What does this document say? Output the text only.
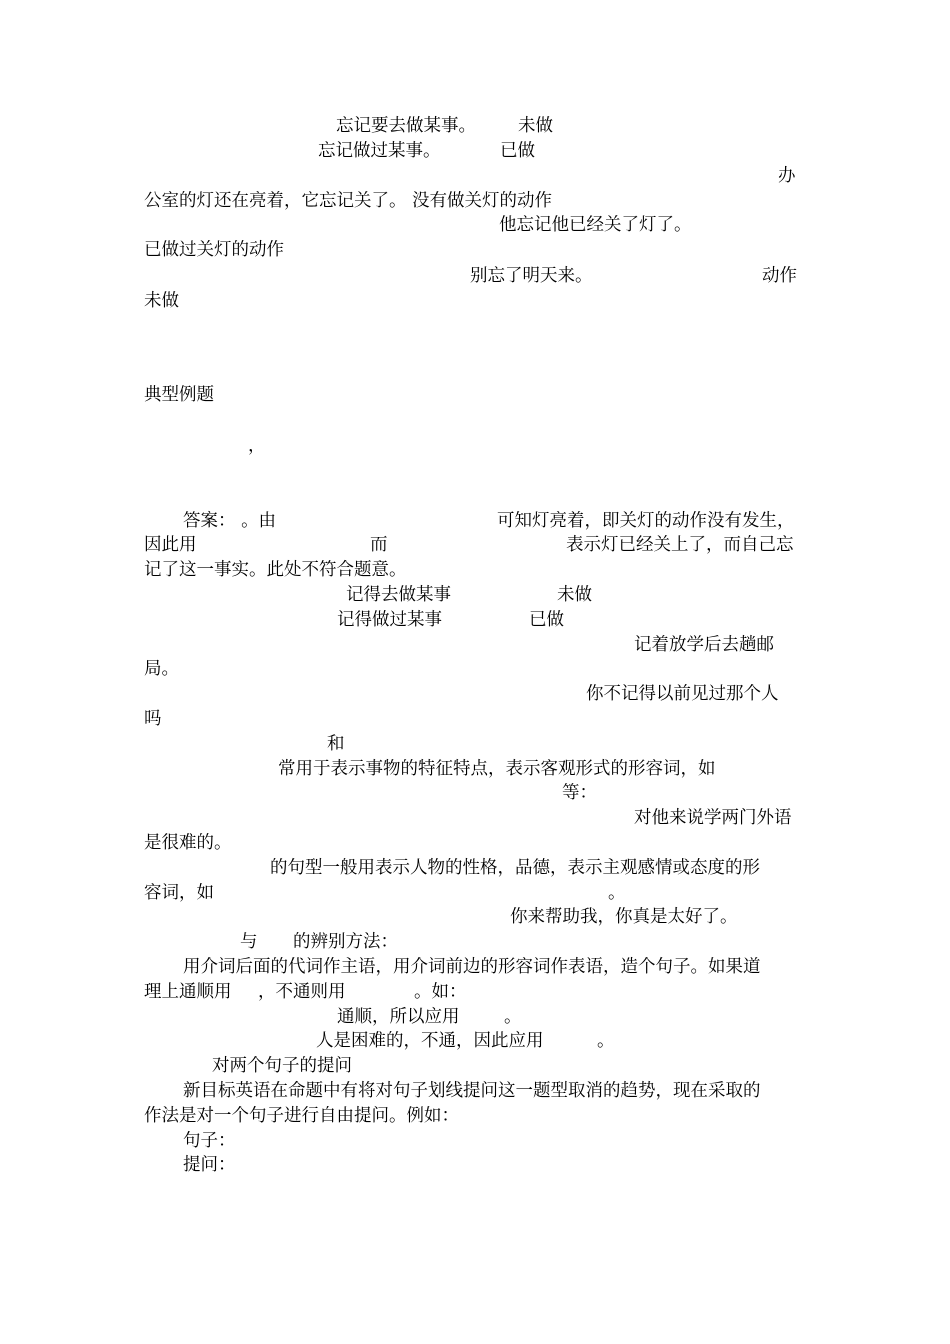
忘记要去做某事。 未做
忘记做过某事。	已做
办
公室的灯还在亮着，它忘记关了。 没有做关灯的动作
他忘记他已经关了灯了。
已做过关灯的动作
别忘了明天来。	动作
未做
典型例题
，
答案： 。由	可知灯亮着，即关灯的动作没有发生，
因此用	而	表示灯已经关上了，而自己忘
记了这一事实。此处不符合题意。
记得去做某事	未做
记得做过某事	已做
记着放学后去趟邮
局。
你不记得以前见过那个人
吗
和
常用于表示事物的特征特点，表示客观形式的形容词，如
等：
对他来说学两门外语
是很难的。
的句型一般用表示人物的性格，品德，表示主观感情或态度的形
容词，如	。
你来帮助我，你真是太好了。
与 的辨别方法：
用介词后面的代词作主语，用介词前边的形容词作表语，造个句子。如果道
理上通顺用 ，不通则用	。如：
通顺，所以应用	。
人是困难的，不通，因此应用	。
对两个句子的提问
新目标英语在命题中有将对句子划线提问这一题型取消的趋势，现在采取的
作法是对一个句子进行自由提问。例如：
句子：
提问：
